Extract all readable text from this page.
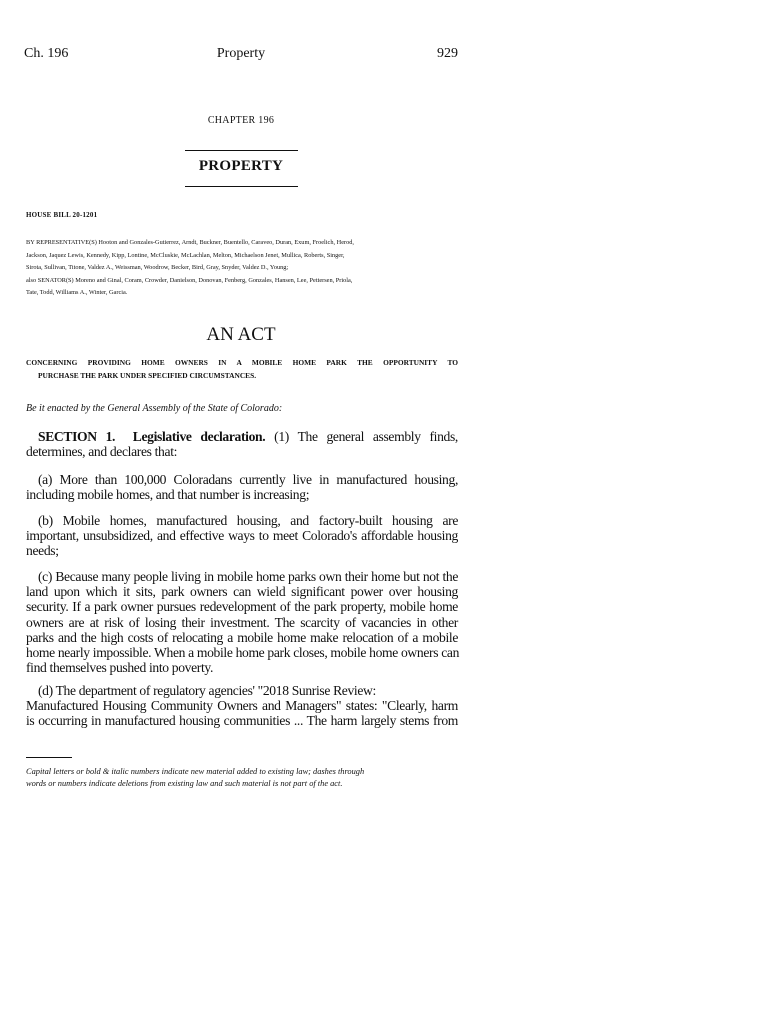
Ch. 196	Property	929
CHAPTER 196
PROPERTY
HOUSE BILL 20-1201
BY REPRESENTATIVE(S) Hooton and Gonzales-Gutierrez, Arndt, Buckner, Buentello, Caraveo, Duran, Exum, Froelich, Herod,
Jackson, Jaquez Lewis, Kennedy, Kipp, Lontine, McCluskie, McLachlan, Melton, Michaelson Jenet, Mullica, Roberts, Singer,
Sirota, Sullivan, Titone, Valdez A., Weissman, Woodrow, Becker, Bird, Gray, Snyder, Valdez D., Young;
also SENATOR(S) Moreno and Ginal, Coram, Crowder, Danielson, Donovan, Fenberg, Gonzales, Hansen, Lee, Pettersen, Priola,
Tate, Todd, Williams A., Winter, Garcia.
AN ACT
CONCERNING PROVIDING HOME OWNERS IN A MOBILE HOME PARK THE OPPORTUNITY TO
PURCHASE THE PARK UNDER SPECIFIED CIRCUMSTANCES.
Be it enacted by the General Assembly of the State of Colorado:
SECTION 1. Legislative declaration. (1) The general assembly finds,
determines, and declares that:
(a) More than 100,000 Coloradans currently live in manufactured housing,
including mobile homes, and that number is increasing;
(b) Mobile homes, manufactured housing, and factory-built housing are
important, unsubsidized, and effective ways to meet Colorado's affordable housing
needs;
(c) Because many people living in mobile home parks own their home but not the
land upon which it sits, park owners can wield significant power over housing
security. If a park owner pursues redevelopment of the park property, mobile home
owners are at risk of losing their investment. The scarcity of vacancies in other
parks and the high costs of relocating a mobile home make relocation of a mobile
home nearly impossible. When a mobile home park closes, mobile home owners can
find themselves pushed into poverty.
(d) The department of regulatory agencies' "2018 Sunrise Review:
Manufactured Housing Community Owners and Managers" states: "Clearly, harm
is occurring in manufactured housing communities ... The harm largely stems from
Capital letters or bold & italic numbers indicate new material added to existing law; dashes through
words or numbers indicate deletions from existing law and such material is not part of the act.
